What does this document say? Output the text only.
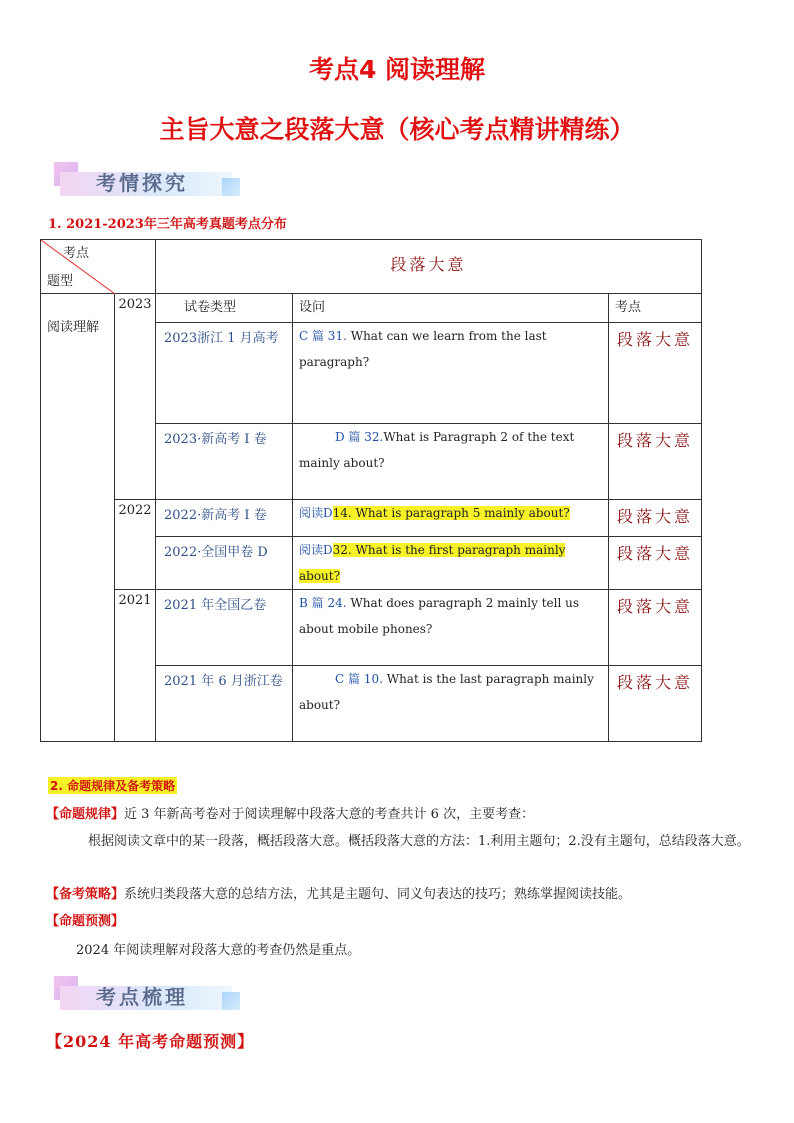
考点4 阅读理解
主旨大意之段落大意（核心考点精讲精练）
考情探究
1. 2021-2023年三年高考真题考点分布
考点
题型		段落大意		
阅读理解	2023	试卷类型	设问	考点
		2023浙江 1 月高考	C 篇 31. What can we learn from the last paragraph?	段落大意
		2023·新高考 I 卷	D 篇 32.What is Paragraph 2 of the text mainly about?	段落大意
	2022	2022·新高考 I 卷	阅读D14. What is paragraph 5 mainly about?	段落大意
		2022·全国甲卷 D	阅读D32. What is the first paragraph mainly about?	段落大意
	2021	2021 年全国乙卷	B 篇 24. What does paragraph 2 mainly tell us about mobile phones?	段落大意
		2021 年 6 月浙江卷	C 篇 10. What is the last paragraph mainly about?	段落大意
2. 命题规律及备考策略
【命题规律】近 3 年新高考卷对于阅读理解中段落大意的考查共计 6 次，主要考查：
根据阅读文章中的某一段落，概括段落大意。概括段落大意的方法：1.利用主题句；2.没有主题句，总结段落大意。
【备考策略】系统归类段落大意的总结方法，尤其是主题句、同义句表达的技巧；熟练掌握阅读技能。
【命题预测】
2024 年阅读理解对段落大意的考查仍然是重点。
考点梳理
【2024 年高考命题预测】
